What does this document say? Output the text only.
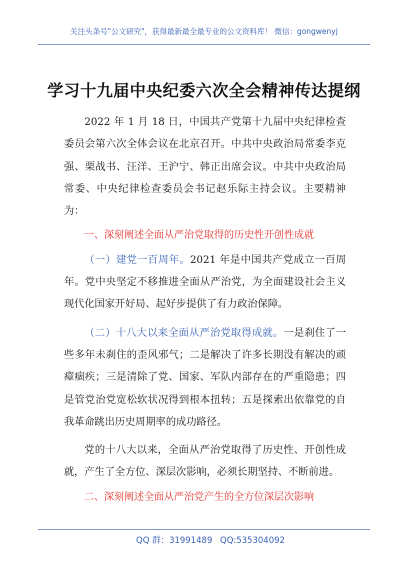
关注头条号"公文研究"，获得最新最全最专业的公文资料库！ 微信：gongwenyj
学习十九届中央纪委六次全会精神传达提纲

2022 年 1 月 18 日，中国共产党第十九届中央纪律检查委员会第六次全体会议在北京召开。中共中央政治局常委李克强、栗战书、汪洋、王沪宁、韩正出席会议。中共中央政治局常委、中央纪律检查委员会书记赵乐际主持会议。主要精神为：

一、深刻阐述全面从严治党取得的历史性开创性成就

（一）建党一百周年。2021 年是中国共产党成立一百周年。党中央坚定不移推进全面从严治党，为全面建设社会主义现代化国家开好局、起好步提供了有力政治保障。

（二）十八大以来全面从严治党取得成就。一是刹住了一些多年未刹住的歪风邪气；二是解决了许多长期没有解决的顽瘴痼疾；三是清除了党、国家、军队内部存在的严重隐患；四是管党治党宽松软状况得到根本扭转；五是探索出依靠党的自我革命跳出历史周期率的成功路径。

党的十八大以来，全面从严治党取得了历史性、开创性成就，产生了全方位、深层次影响，必须长期坚持、不断前进。

二、深刻阐述全面从严治党产生的全方位深层次影响

QQ 群：31991489 QQ:535304092
